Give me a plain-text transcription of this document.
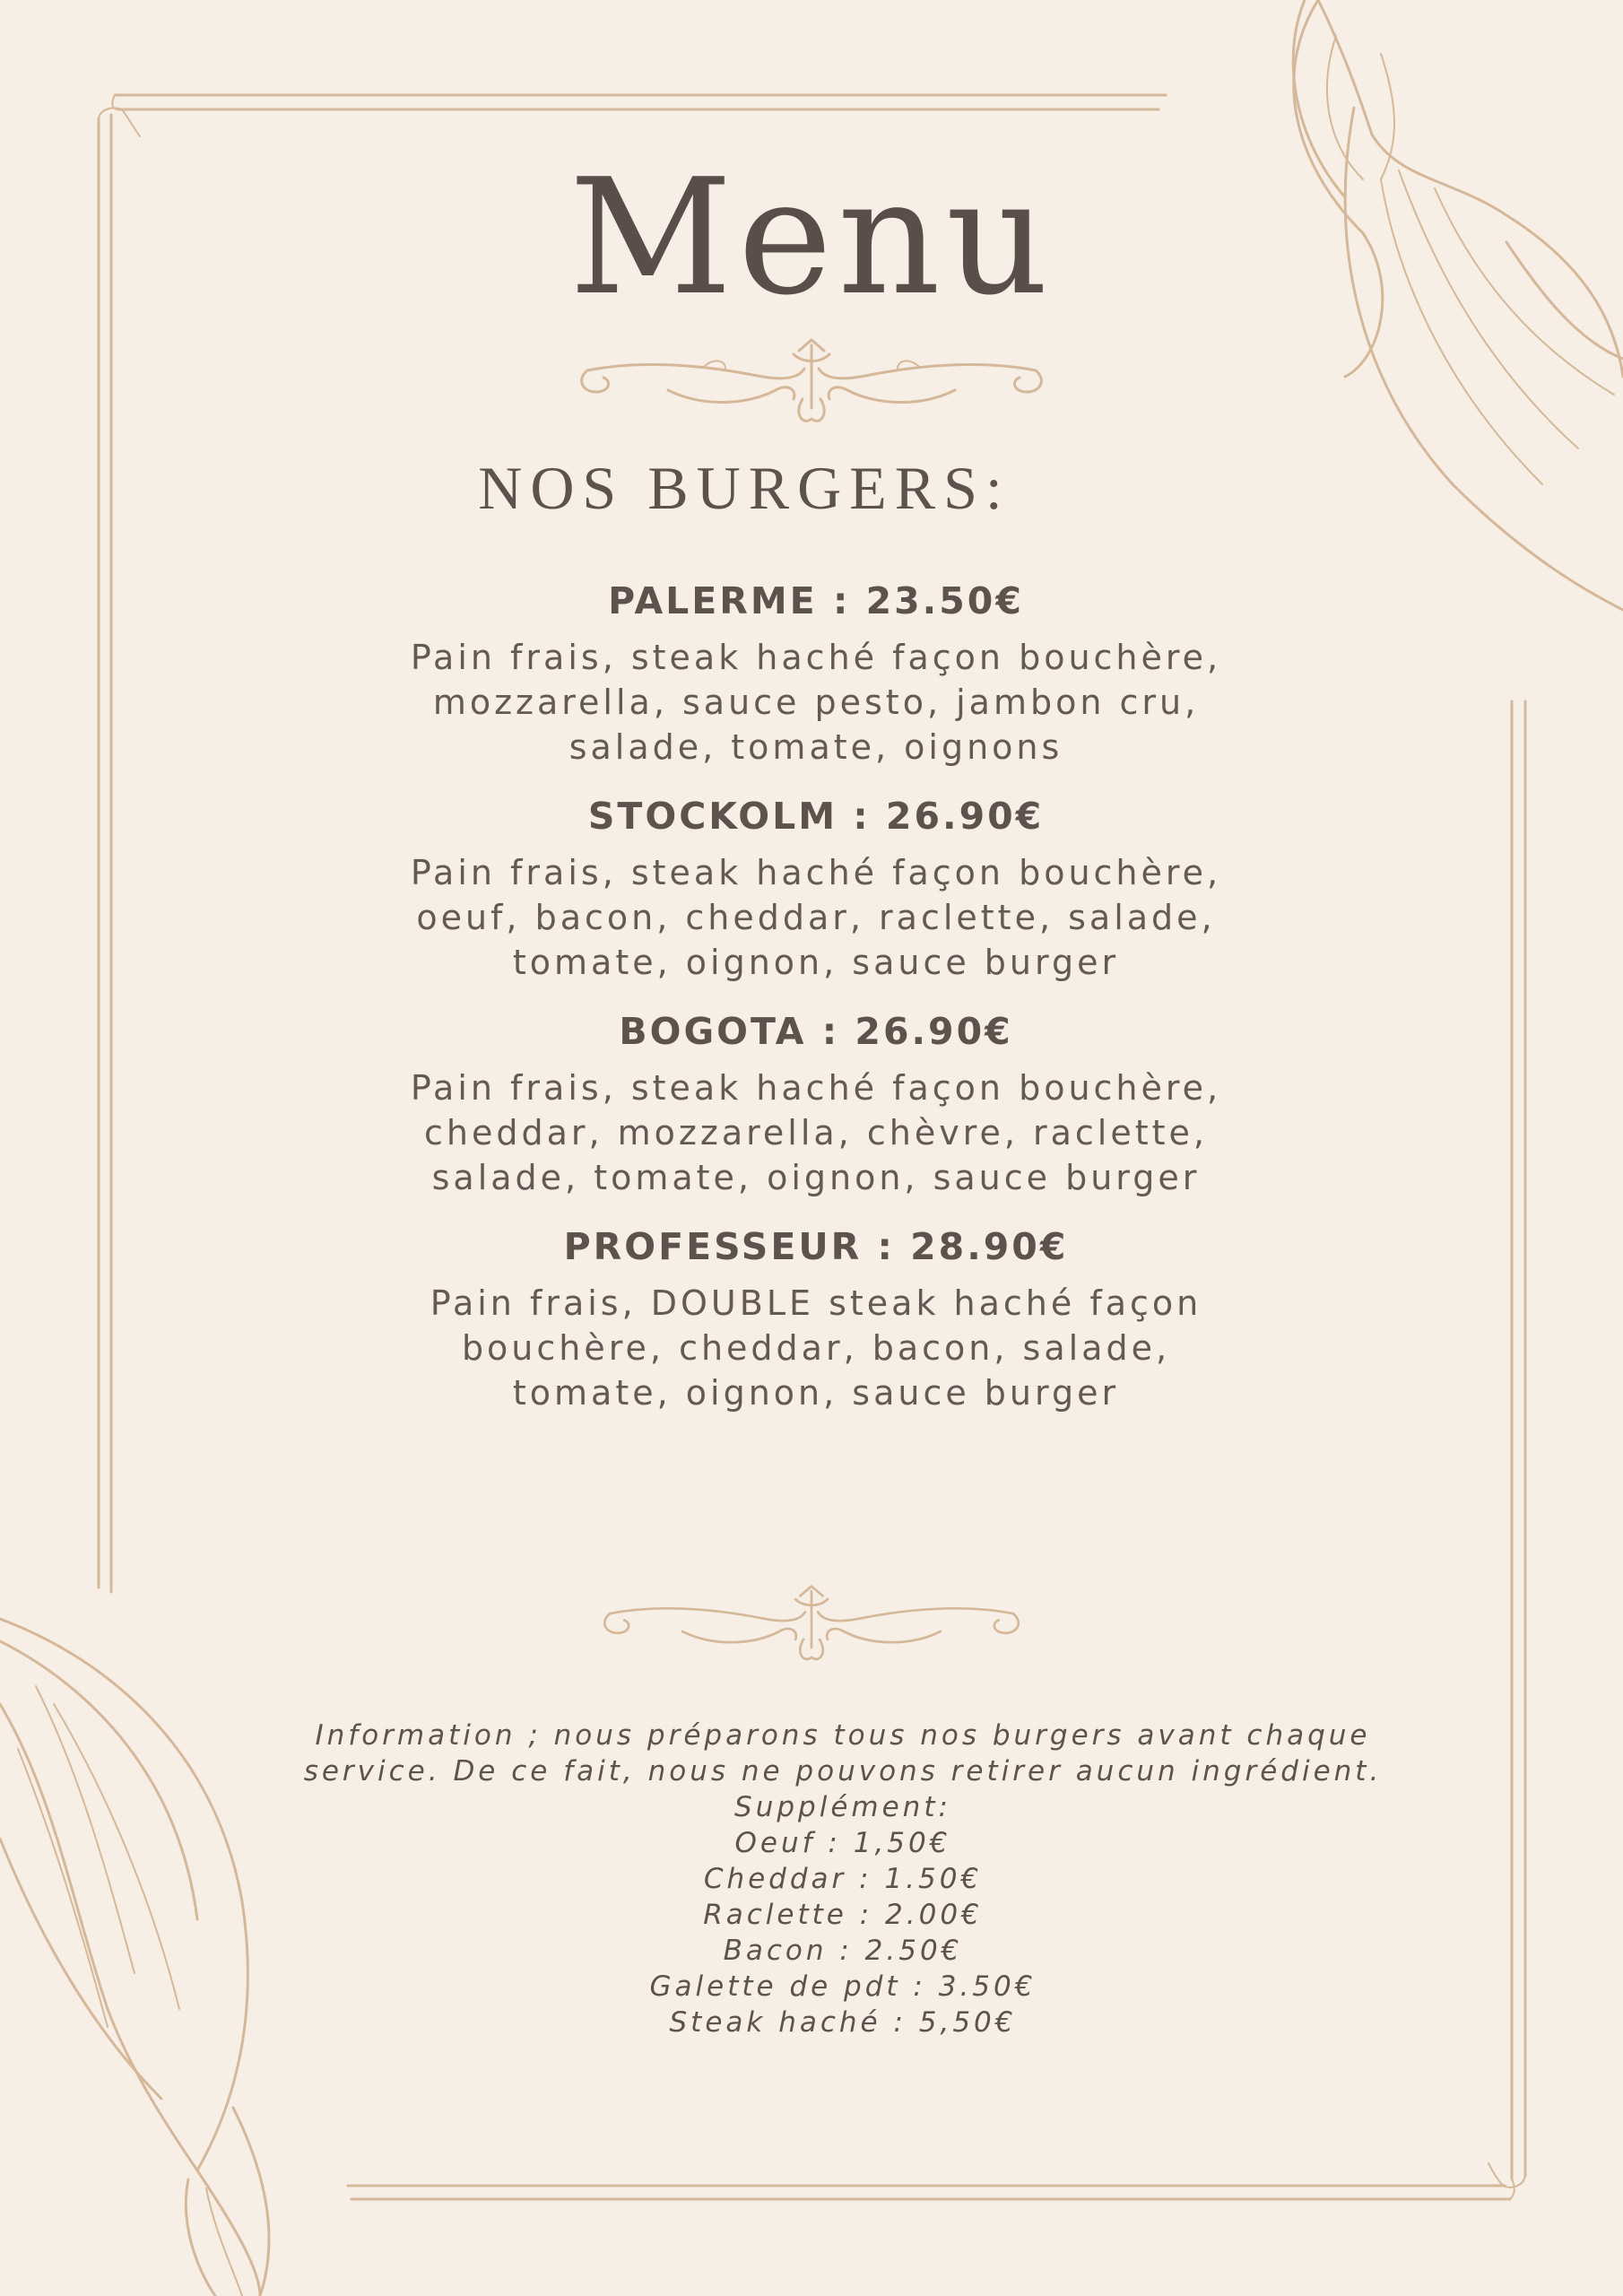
Menu
NOS BURGERS:
PALERME : 23.50€
Pain frais, steak haché façon bouchère, mozzarella, sauce pesto, jambon cru, salade, tomate, oignons
STOCKOLM : 26.90€
Pain frais, steak haché façon bouchère, oeuf, bacon, cheddar, raclette, salade, tomate, oignon, sauce burger
BOGOTA : 26.90€
Pain frais, steak haché façon bouchère, cheddar, mozzarella, chèvre, raclette, salade, tomate, oignon, sauce burger
PROFESSEUR : 28.90€
Pain frais, DOUBLE steak haché façon bouchère, cheddar, bacon, salade, tomate, oignon, sauce burger
Information ; nous préparons tous nos burgers avant chaque service. De ce fait, nous ne pouvons retirer aucun ingrédient.
Supplément:
Oeuf : 1,50€
Cheddar : 1.50€
Raclette : 2.00€
Bacon : 2.50€
Galette de pdt : 3.50€
Steak haché : 5,50€
